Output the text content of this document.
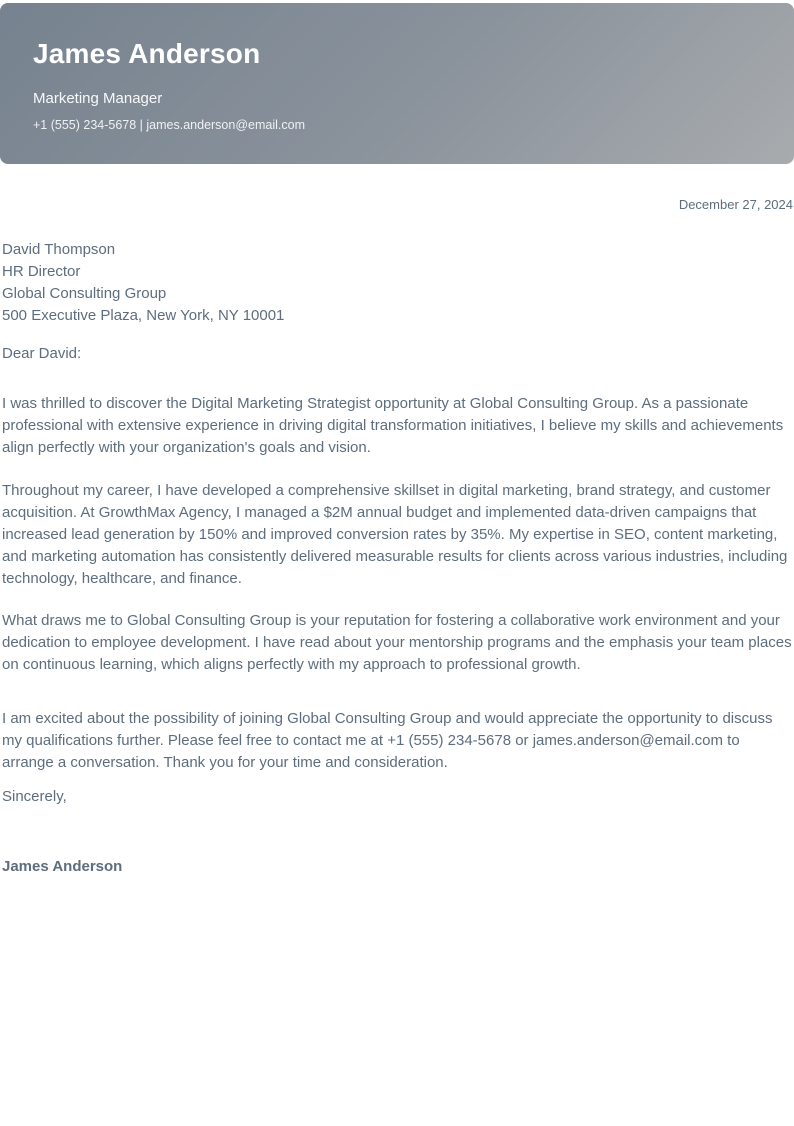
James Anderson
Marketing Manager
+1 (555) 234-5678 | james.anderson@email.com
December 27, 2024
David Thompson
HR Director
Global Consulting Group
500 Executive Plaza, New York, NY 10001
Dear David:

I was thrilled to discover the Digital Marketing Strategist opportunity at Global Consulting Group. As a passionate professional with extensive experience in driving digital transformation initiatives, I believe my skills and achievements align perfectly with your organization's goals and vision.

Throughout my career, I have developed a comprehensive skillset in digital marketing, brand strategy, and customer acquisition. At GrowthMax Agency, I managed a $2M annual budget and implemented data-driven campaigns that increased lead generation by 150% and improved conversion rates by 35%. My expertise in SEO, content marketing, and marketing automation has consistently delivered measurable results for clients across various industries, including technology, healthcare, and finance.

What draws me to Global Consulting Group is your reputation for fostering a collaborative work environment and your dedication to employee development. I have read about your mentorship programs and the emphasis your team places on continuous learning, which aligns perfectly with my approach to professional growth.

I am excited about the possibility of joining Global Consulting Group and would appreciate the opportunity to discuss my qualifications further. Please feel free to contact me at +1 (555) 234-5678 or james.anderson@email.com to arrange a conversation. Thank you for your time and consideration.

Sincerely,
James Anderson
